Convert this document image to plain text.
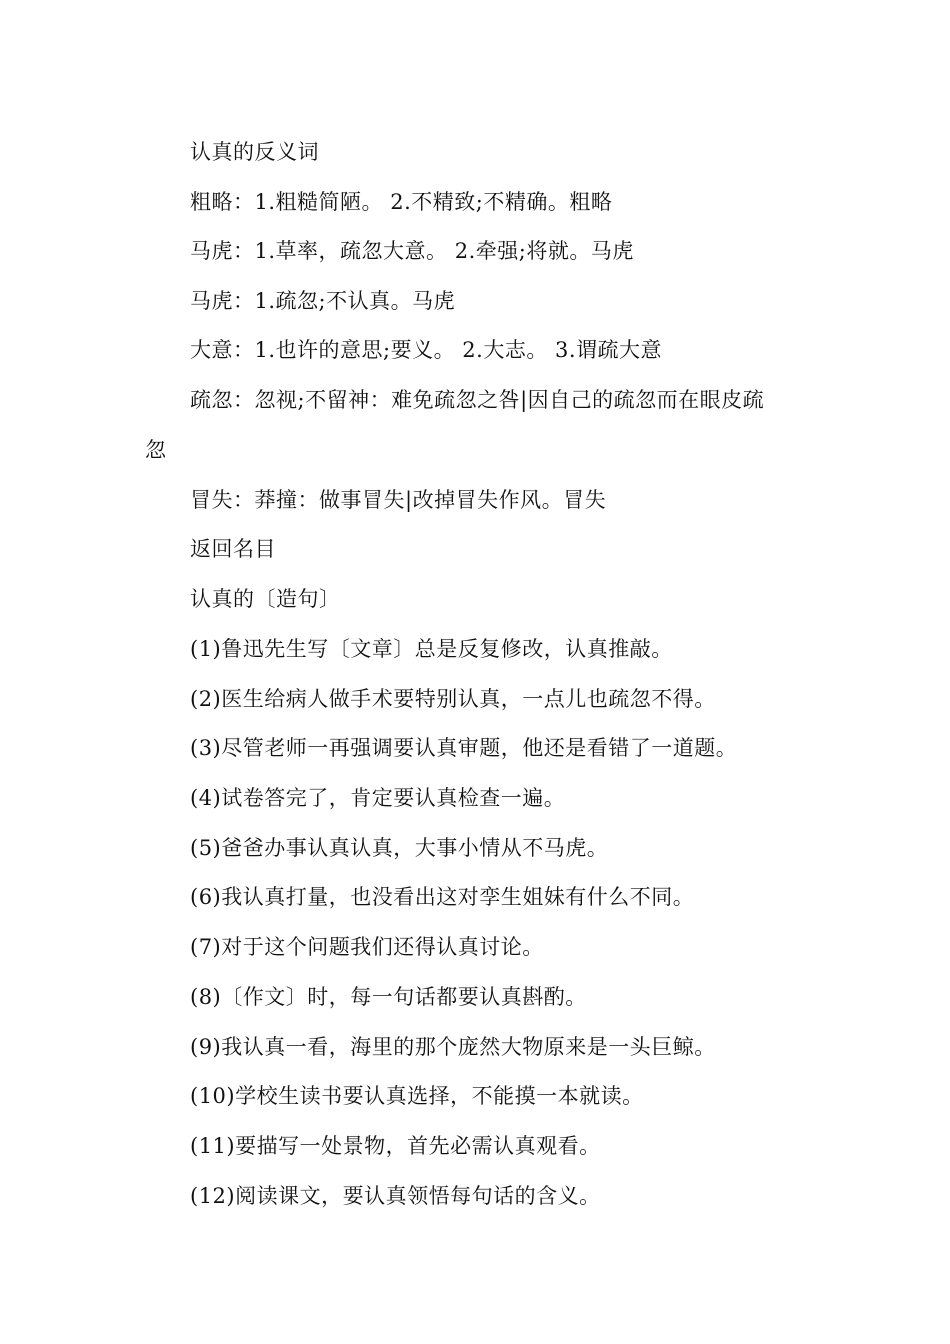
认真的反义词
粗略：1.粗糙简陋。 2.不精致;不精确。粗略
马虎：1.草率，疏忽大意。 2.牵强;将就。马虎
马虎：1.疏忽;不认真。马虎
大意：1.也许的意思;要义。 2.大志。 3.谓疏大意
疏忽：忽视;不留神：难免疏忽之咎|因自己的疏忽而在眼皮疏
忽
冒失：莽撞：做事冒失|改掉冒失作风。冒失
返回名目
认真的〔造句〕
(1)鲁迅先生写〔文章〕总是反复修改，认真推敲。
(2)医生给病人做手术要特别认真，一点儿也疏忽不得。
(3)尽管老师一再强调要认真审题，他还是看错了一道题。
(4)试卷答完了，肯定要认真检查一遍。
(5)爸爸办事认真认真，大事小情从不马虎。
(6)我认真打量，也没看出这对孪生姐妹有什么不同。
(7)对于这个问题我们还得认真讨论。
(8)〔作文〕时，每一句话都要认真斟酌。
(9)我认真一看，海里的那个庞然大物原来是一头巨鲸。
(10)学校生读书要认真选择，不能摸一本就读。
(11)要描写一处景物，首先必需认真观看。
(12)阅读课文，要认真领悟每句话的含义。
